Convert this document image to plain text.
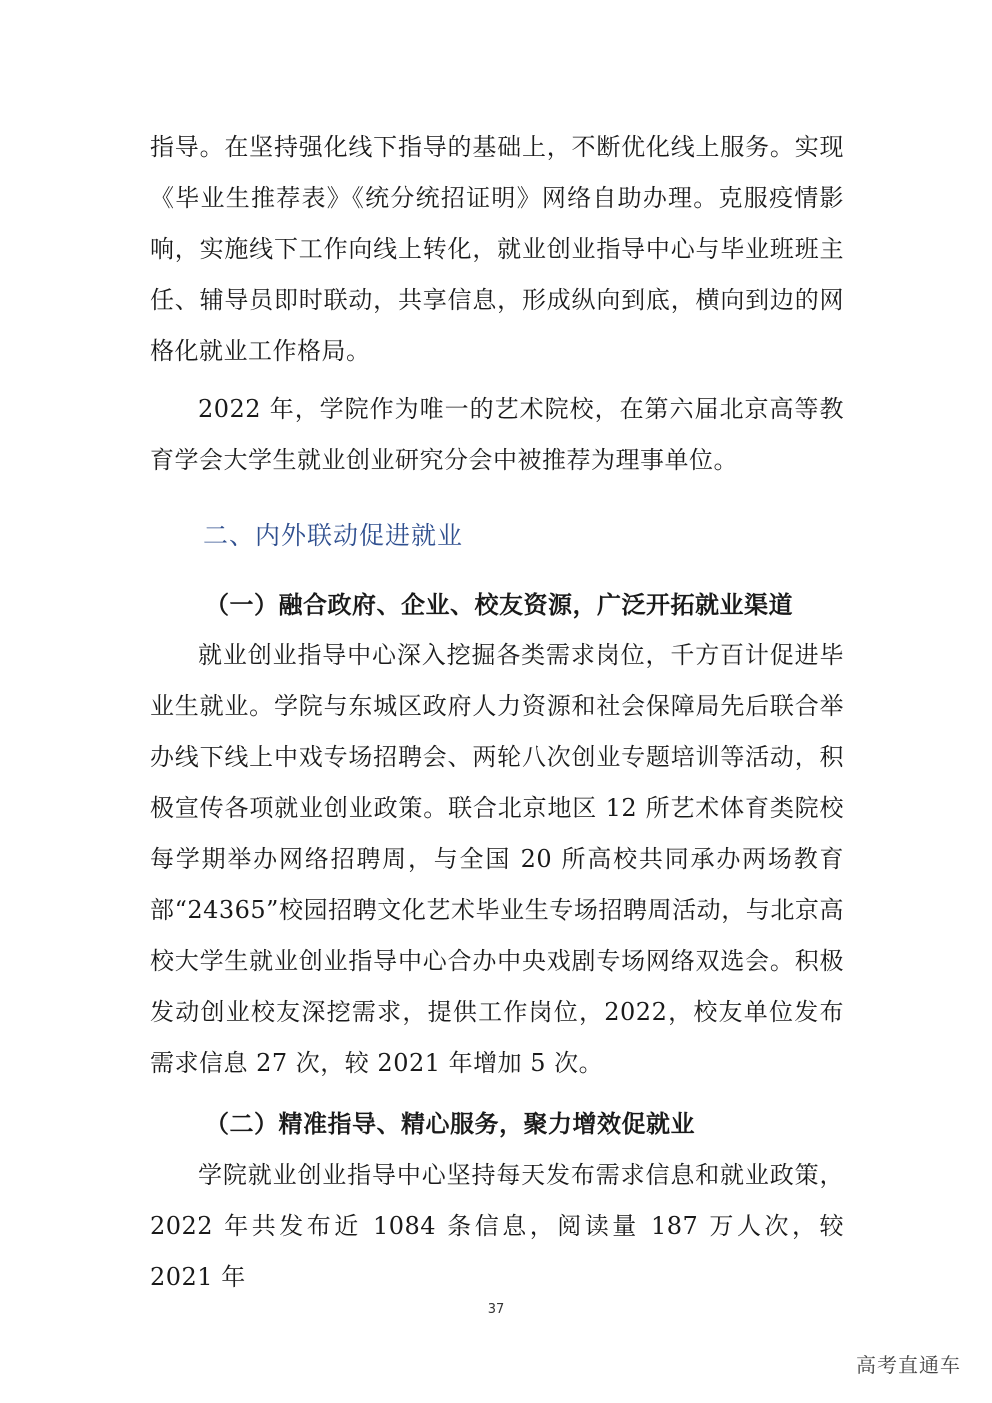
指导。在坚持强化线下指导的基础上，不断优化线上服务。实现《毕业生推荐表》《统分统招证明》网络自助办理。克服疫情影响，实施线下工作向线上转化，就业创业指导中心与毕业班班主任、辅导员即时联动，共享信息，形成纵向到底，横向到边的网格化就业工作格局。

2022 年，学院作为唯一的艺术院校，在第六届北京高等教育学会大学生就业创业研究分会中被推荐为理事单位。

二、内外联动促进就业
（一）融合政府、企业、校友资源，广泛开拓就业渠道

就业创业指导中心深入挖掘各类需求岗位，千方百计促进毕业生就业。学院与东城区政府人力资源和社会保障局先后联合举办线下线上中戏专场招聘会、两轮八次创业专题培训等活动，积极宣传各项就业创业政策。联合北京地区 12 所艺术体育类院校每学期举办网络招聘周，与全国 20 所高校共同承办两场教育部“24365”校园招聘文化艺术毕业生专场招聘周活动，与北京高校大学生就业创业指导中心合办中央戏剧专场网络双选会。积极发动创业校友深挖需求，提供工作岗位，2022，校友单位发布需求信息 27 次，较 2021 年增加 5 次。

（二）精准指导、精心服务，聚力增效促就业

学院就业创业指导中心坚持每天发布需求信息和就业政策，2022 年共发布近 1084 条信息，阅读量 187 万人次，较 2021 年

37
高考直通车
